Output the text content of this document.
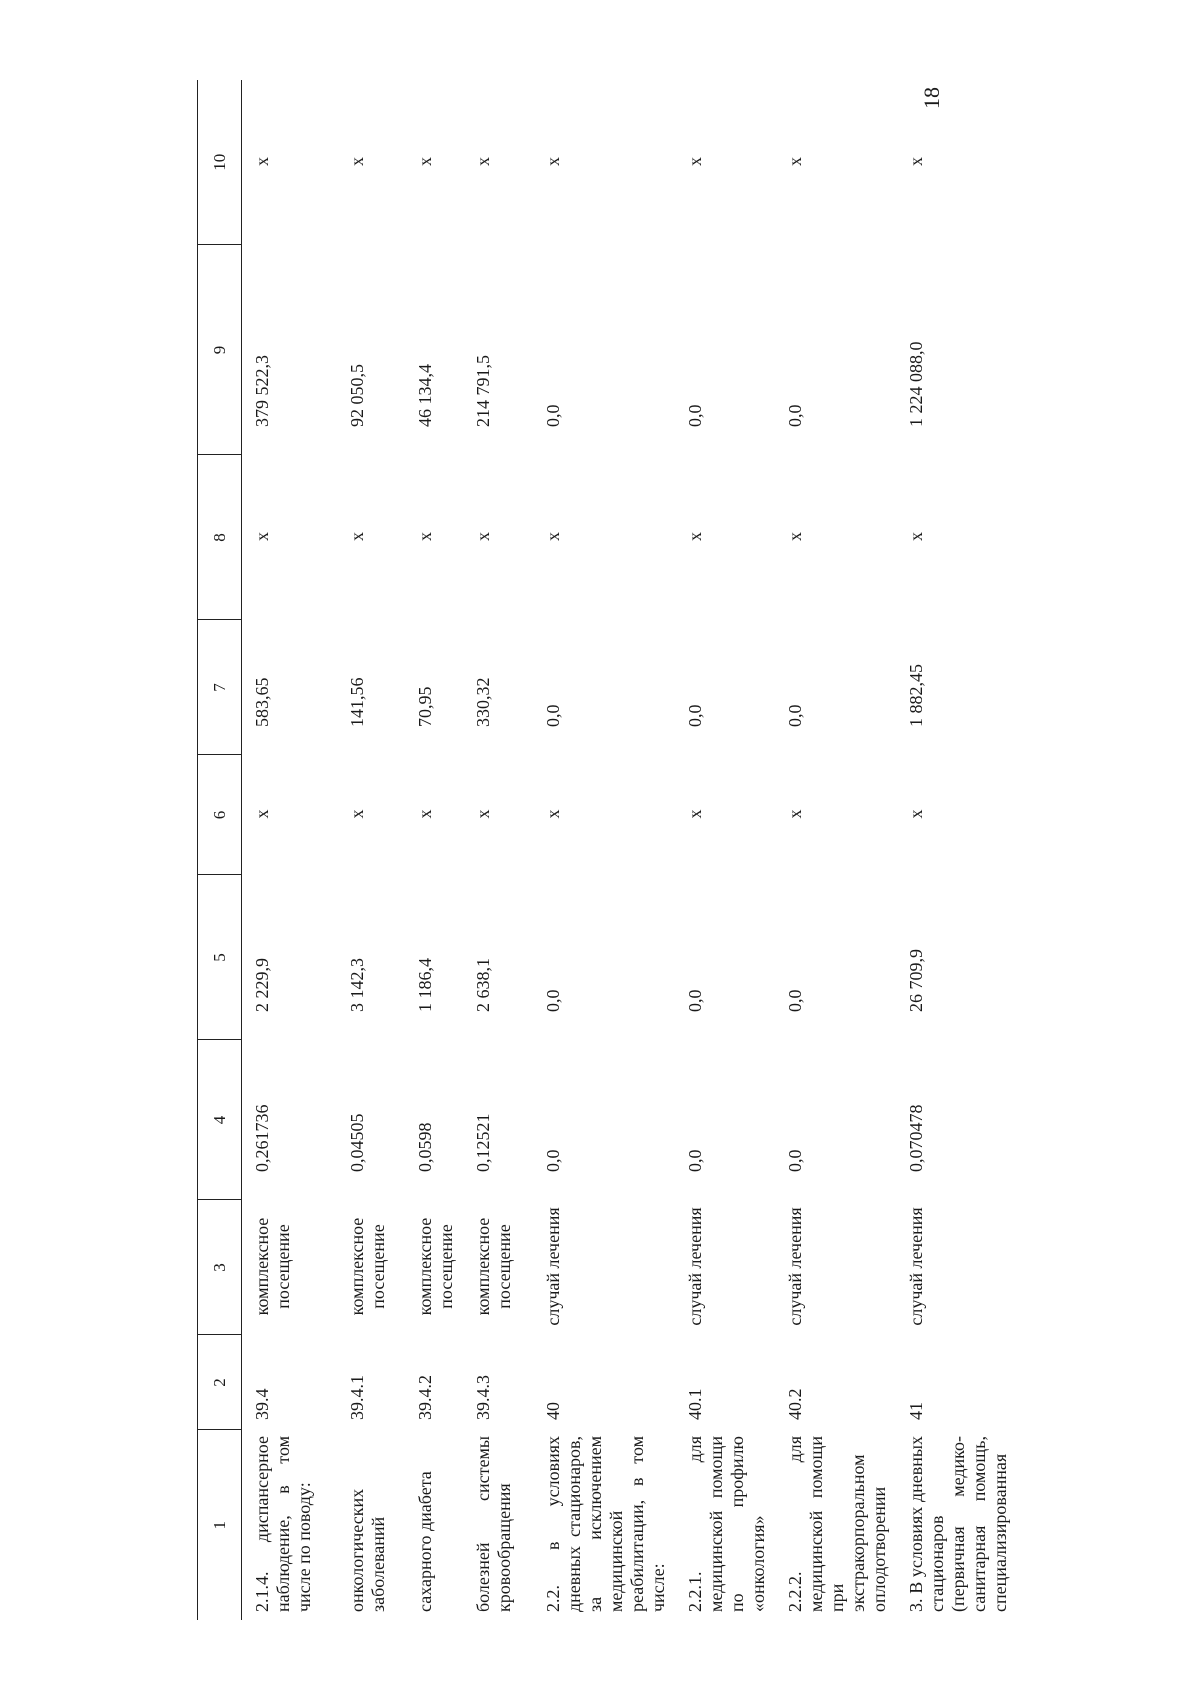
18
1	2	3	4	5	6	7	8	9	10
2.1.4. диспансерное наблюдение, в том числе по поводу:	39.4	комплексное посещение	0,261736	2 229,9	x	583,65	x	379 522,3	x
онкологических заболеваний	39.4.1	комплексное посещение	0,04505	3 142,3	x	141,56	x	92 050,5	x
сахарного диабета	39.4.2	комплексное посещение	0,0598	1 186,4	x	70,95	x	46 134,4	x
болезней системы кровообращения	39.4.3	комплексное посещение	0,12521	2 638,1	x	330,32	x	214 791,5	x
2.2. в условиях дневных стационаров, за исключением медицинской реабилитации, в том числе:	40	случай лечения	0,0	0,0	x	0,0	x	0,0	x
2.2.1. для медицинской помощи по профилю «онкология»	40.1	случай лечения	0,0	0,0	x	0,0	x	0,0	x
2.2.2. для медицинской помощи при экстракорпоральном оплодотворении	40.2	случай лечения	0,0	0,0	x	0,0	x	0,0	x
3. В условиях дневных стационаров (первичная медико-санитарная помощь, специализированная	41	случай лечения	0,070478	26 709,9	x	1 882,45	x	1 224 088,0	x
